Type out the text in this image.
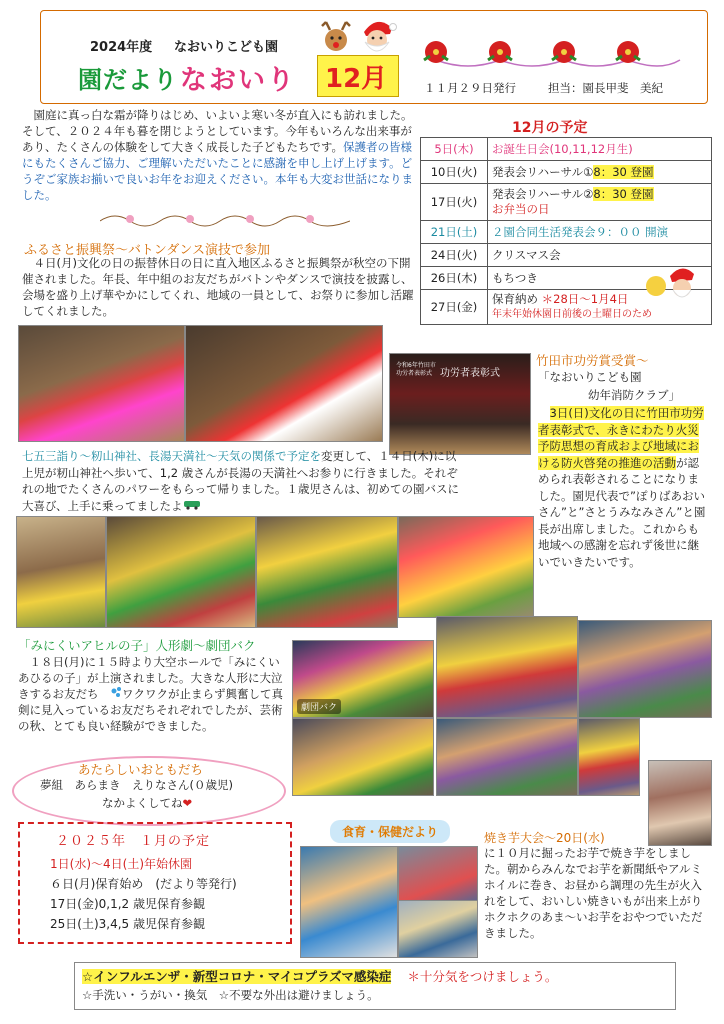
2024年度 なおいりこども園
園だより なおいり 12月	１１月２９日発行	担当：園長甲斐　美紀
園庭に真っ白な霜が降りはじめ、いよいよ寒い冬が直入にも訪れました。そして、２０２４年も暮を閉じようとしています。今年もいろんな出来事があり、たくさんの体験をして大きく成長した子どもたちです。保護者の皆様にもたくさんご協力、ご理解いただいたことに感謝を申し上げ上げます。どうぞご家族お揃いで良いお年をお迎えください。本年も大変お世話になりました。
ふるさと振興祭～バトンダンス演技で参加
４日(月)文化の日の振替休日の日に直入地区ふるさと振興祭が秋空の下開催されました。年長、年中組のお友だちがバトンやダンスで演技を披露し、会場を盛り上げ華やかにしてくれ、地域の一員として、お祭りに参加し活躍してくれました。
12月の予定
5日(木)	お誕生日会(10,11,12月生)
10日(火)	発表会リハーサル①8：30 登園
17日(火)	発表会リハーサル②8：30 登園
お弁当の日
21日(土)	２園合同生活発表会９：００ 開演
24日(火)	クリスマス会
26日(木)	もちつき
27日(金)	保育納め ＊28日～1月4日
年末年始休園日前後の土曜日のため
令和6年竹田市功労者表彰式 功労者表彰式
竹田市功労賞受賞～
「なおいりこども園
幼年消防クラブ」
3日(日)文化の日に竹田市功労者表彰式で、永きにわたり火災予防思想の育成および地域における防火啓発の推進の活動が認められ表彰されることになりました。園児代表で”ぽりばあおいさん”と”さとうみなみさん”と園長が出席しました。これからも地域への感謝を忘れず後世に継いでいきたいです。
七五三詣り～籾山神社、長湯天満社～天気の関係で予定を変更して、１４日(木)に以上児が籾山神社へ歩いて、1,2 歳さんが長湯の天満社へお参りに行きました。それぞれの地でたくさんのパワーをもらって帰りました。１歳児さんは、初めての園バスに大喜び、上手に乗ってましたよ
「みにくいアヒルの子」人形劇～劇団バク
１８日(月)に１５時より大空ホールで「みにくいあひるの子」が上演されました。大きな人形に大泣きするお友だち ワクワクが止まらず興奮して真剣に見入っているお友だちそれぞれでしたが、芸術の秋、とても良い経験ができました。
劇団バク
あたらしいおともだち
夢組　あらまき　えりなさん(０歳児)
なかよくしてね❤
２０２５年　１月の予定
1日(水)～4日(土)年始休園
６日(月)保育始め　(だより等発行)
17日(金)0,1,2 歳児保育参観
25日(土)3,4,5 歳児保育参観
食育・保健だより	焼き芋大会～20日(水)
に１０月に掘ったお芋で焼き芋をしました。朝からみんなでお芋を新聞紙やアルミホイルに巻き、お昼から調理の先生が火入れをして、おいしい焼きいもが出来上がりホクホクのあま～いお芋をおやつでいただきました。
☆インフルエンザ・新型コロナ・マイコプラズマ感染症 ＊十分気をつけましょう。
☆手洗い・うがい・換気　☆不要な外出は避けましょう。
